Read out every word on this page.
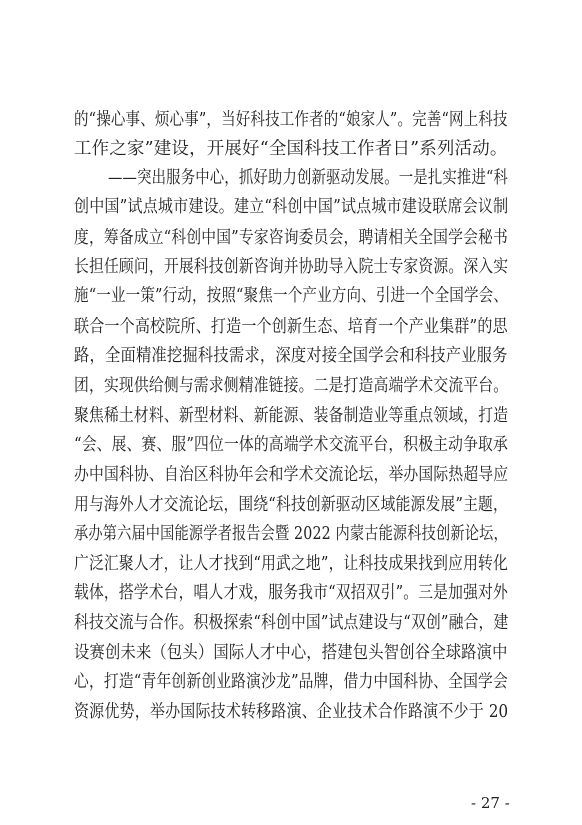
的“操心事、烦心事”，当好科技工作者的“娘家人”。完善“网上科技
工作之家”建设，开展好“全国科技工作者日”系列活动。
——突出服务中心，抓好助力创新驱动发展。一是扎实推进“科
创中国”试点城市建设。建立“科创中国”试点城市建设联席会议制
度，筹备成立“科创中国”专家咨询委员会，聘请相关全国学会秘书
长担任顾问，开展科技创新咨询并协助导入院士专家资源。深入实
施“一业一策”行动，按照“聚焦一个产业方向、引进一个全国学会、
联合一个高校院所、打造一个创新生态、培育一个产业集群”的思
路，全面精准挖掘科技需求，深度对接全国学会和科技产业服务
团，实现供给侧与需求侧精准链接。二是打造高端学术交流平台。
聚焦稀土材料、新型材料、新能源、装备制造业等重点领域，打造
“会、展、赛、服”四位一体的高端学术交流平台，积极主动争取承
办中国科协、自治区科协年会和学术交流论坛，举办国际热超导应
用与海外人才交流论坛，围绕“科技创新驱动区域能源发展”主题，
承办第六届中国能源学者报告会暨 2022 内蒙古能源科技创新论坛，
广泛汇聚人才，让人才找到“用武之地”，让科技成果找到应用转化
载体，搭学术台，唱人才戏，服务我市“双招双引”。三是加强对外
科技交流与合作。积极探索“科创中国”试点建设与“双创”融合，建
设赛创未来（包头）国际人才中心，搭建包头智创谷全球路演中
心，打造“青年创新创业路演沙龙”品牌，借力中国科协、全国学会
资源优势，举办国际技术转移路演、企业技术合作路演不少于 20
- 27 -
